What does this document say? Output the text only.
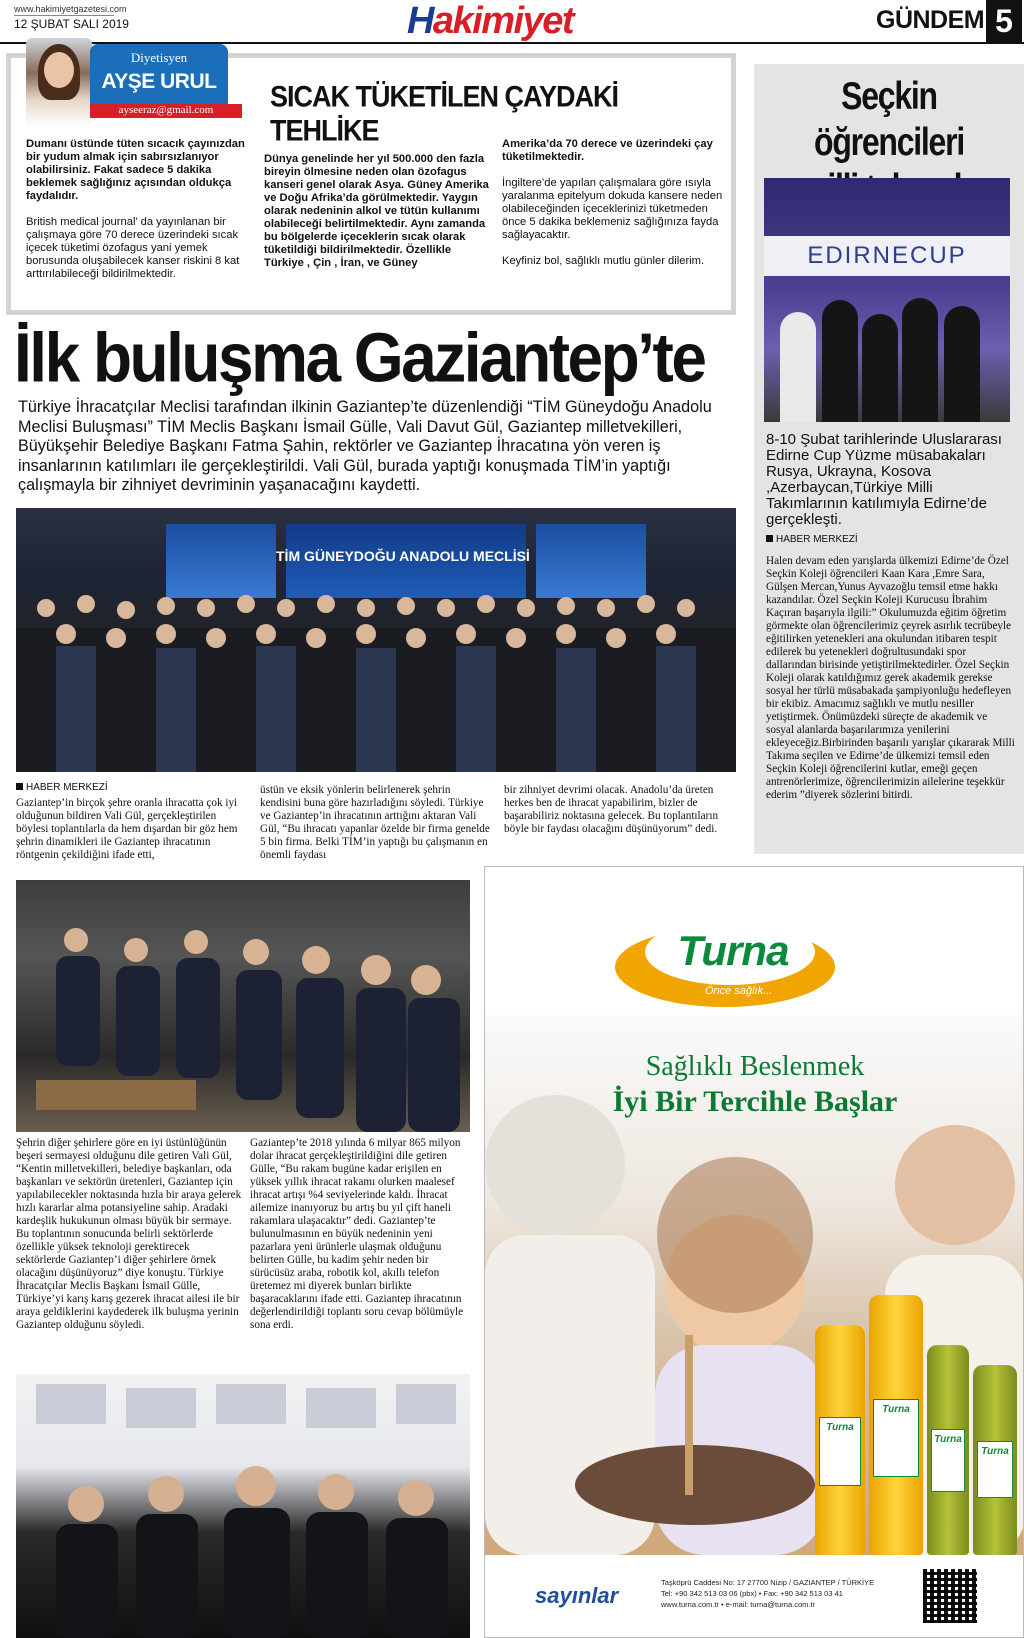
www.hakimiyetgazetesi.com
12 ŞUBAT SALI 2019	H akimiyet	GÜNDEM 5
Diyetisyen
AYŞE URUL
ayseeraz@gmail.com	SICAK TÜKETİLEN ÇAYDAKİ TEHLİKE
Dumanı üstünde tüten sıcacık çayınızdan bir yudum almak için sabırsızlanıyor olabilirsiniz. Fakat sadece 5 dakika beklemek sağlığınız açısından oldukça faydalıdır.
British medical journal’ da yayınlanan bir çalışmaya göre 70 derece üzerindeki sıcak içecek tüketimi özofagus yani yemek borusunda oluşabilecek kanser riskini 8 kat arttırılabileceği bildirilmektedir.
Dünya genelinde her yıl 500.000 den fazla bireyin ölmesine neden olan özofagus kanseri genel olarak Asya. Güney Amerika ve Doğu Afrika’da görülmektedir. Yaygın olarak nedeninin alkol ve tütün kullanımı olabileceği belirtilmektedir. Aynı zamanda bu bölgelerde içeceklerin sıcak olarak tüketildiği bildirilmektedir. Özellikle Türkiye , Çin , İran, ve Güney
Amerika’da 70 derece ve üzerindeki çay tüketilmektedir.
İngiltere’de yapılan çalışmalara göre ısıyla yaralanma epitelyum dokuda kansere neden olabileceğinden içeceklerinizi tüketmeden önce 5 dakika beklemeniz sağlığınıza fayda sağlayacaktır.
Keyfiniz bol, sağlıklı mutlu günler dilerim.
Seçkin öğrencileri
EDIRNECUP
8-10 Şubat tarihlerinde Uluslararası Edirne Cup Yüzme müsabakaları Rusya, Ukrayna, Kosova ,Azerbaycan,Türkiye Milli Takımlarının katılımıyla Edirne’de gerçekleşti.
HABER MERKEZİ
Halen devam eden yarışlarda ülkemizi Edirne’de Özel Seçkin Koleji öğrencileri Kaan Kara ,Emre Sara, Gülşen Mercan,Yunus Ayvazoğlu temsil etme hakkı kazandılar. Özel Seçkin Koleji Kurucusu İbrahim Kaçıran başarıyla ilgili:” Okulumuzda eğitim öğretim görmekte olan öğrencilerimiz çeyrek asırlık tecrübeyle eğitilirken yetenekleri ana okulundan itibaren tespit edilerek bu yetenekleri doğrultusundaki spor dallarından birisinde yetiştirilmektedirler. Özel Seçkin Koleji olarak katıldığımız gerek akademik gerekse sosyal her türlü müsabakada şampiyonluğu hedefleyen bir ekibiz. Amacımız sağlıklı ve mutlu nesiller yetiştirmek. Önümüzdeki süreçte de akademik ve sosyal alanlarda başarılarımıza yenilerini ekleyeceğiz.Birbirinden başarılı yarışlar çıkararak Milli Takıma seçilen ve Edirne’de ülkemizi temsil eden Seçkin Koleji öğrencilerini kutlar, emeği geçen antrenörlerimize, öğrencilerimizin ailelerine teşekkür ederim ”diyerek sözlerini bitirdi.
İlk buluşma Gaziantep’te
Türkiye İhracatçılar Meclisi tarafından ilkinin Gaziantep’te düzenlendiği “TİM Güneydoğu Anadolu Meclisi Buluşması” TİM Meclis Başkanı İsmail Gülle, Vali Davut Gül, Gaziantep milletvekilleri, Büyükşehir Belediye Başkanı Fatma Şahin, rektörler ve Gaziantep İhracatına yön veren iş insanlarının katılımları ile gerçekleştirildi. Vali Gül, burada yaptığı konuşmada TİM’in yaptığı çalışmayla bir zihniyet devriminin yaşanacağını kaydetti.
TİM GÜNEYDOĞU ANADOLU MECLİSİ
HABER MERKEZİ
Gaziantep’in birçok şehre oranla ihracatta çok iyi olduğunun bildiren Vali Gül, gerçekleştirilen böylesi toplantılarla da hem dışardan bir göz hem şehrin dinamikleri ile Gaziantep ihracatının röntgenin çekildiğini ifade etti,
üstün ve eksik yönlerin belirlenerek şehrin kendisini buna göre hazırladığını söyledi. Türkiye ve Gaziantep’in ihracatının arttığını aktaran Vali Gül, “Bu ihracatı yapanlar özelde bir firma genelde 5 bin firma. Belki TİM’in yaptığı bu çalışmanın en önemli faydası
bir zihniyet devrimi olacak. Anadolu’da üreten herkes ben de ihracat yapabilirim, bizler de başarabiliriz noktasına gelecek. Bu toplantıların böyle bir faydası olacağını düşünüyorum” dedi.
Şehrin diğer şehirlere göre en iyi üstünlüğünün beşeri sermayesi olduğunu dile getiren Vali Gül, “Kentin milletvekilleri, belediye başkanları, oda başkanları ve sektörün üretenleri, Gaziantep için yapılabilecekler noktasında hızla bir araya gelerek hızlı kararlar alma potansiyeline sahip. Aradaki kardeşlik hukukunun olması büyük bir sermaye. Bu toplantının sonucunda belirli sektörlerde özellikle yüksek teknoloji gerektirecek sektörlerde Gaziantep’i diğer şehirlere örnek olacağını düşünüyoruz” diye konuştu. Türkiye İhracatçılar Meclis Başkanı İsmail Gülle, Türkiye’yi karış karış gezerek ihracat ailesi ile bir araya geldiklerini kaydederek ilk buluşma yerinin Gaziantep olduğunu söyledi.
Gaziantep’te 2018 yılında 6 milyar 865 milyon dolar ihracat gerçekleştirildiğini dile getiren Gülle, “Bu rakam bugüne kadar erişilen en yüksek yıllık ihracat rakamı olurken maalesef ihracat artışı %4 seviyelerinde kaldı. İhracat ailemize inanıyoruz bu artış bu yıl çift haneli rakamlara ulaşacaktır” dedi. Gaziantep’te bulunulmasının en büyük nedeninin yeni pazarlara yeni ürünlerle ulaşmak olduğunu belirten Gülle, bu kadim şehir neden bir sürücüsüz araba, robotik kol, akıllı telefon üretemez mi diyerek bunları birlikte başaracaklarını ifade etti. Gaziantep ihracatının değerlendirildiği toplantı soru cevap bölümüyle sona erdi.
Turna
Önce sağlık...
Turna
Turna
Turna
Turna
Sağlıklı Beslenmek
İyi Bir Tercihle Başlar
sayınlar
Taşköprü Caddesi No: 17 27700 Nizip / GAZİANTEP / TÜRKİYE
Tel: +90 342 513 03 06 (pbx) • Fax: +90 342 513 03 41
www.turna.com.tr • e-mail: turna@turna.com.tr
